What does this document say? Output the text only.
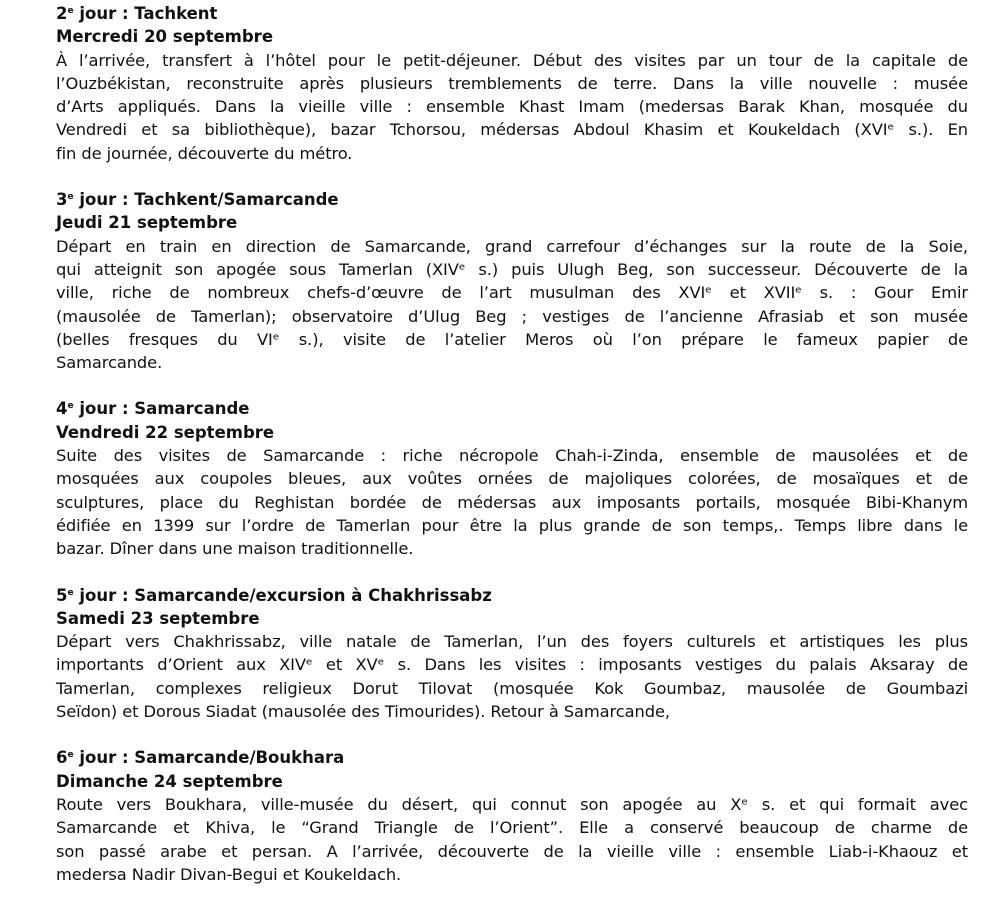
2e jour : Tachkent
Mercredi 20 septembre
À l’arrivée, transfert à l’hôtel pour le petit-déjeuner. Début des visites par un tour de la capitale de
l’Ouzbékistan, reconstruite après plusieurs tremblements de terre. Dans la ville nouvelle : musée
d’Arts appliqués. Dans la vieille ville : ensemble Khast Imam (medersas Barak Khan, mosquée du
Vendredi et sa bibliothèque), bazar Tchorsou, médersas Abdoul Khasim et Koukeldach (XVIᵉ s.). En
fin de journée, découverte du métro.
3e jour : Tachkent/Samarcande
Jeudi 21 septembre
Départ en train en direction de Samarcande, grand carrefour d’échanges sur la route de la Soie,
qui atteignit son apogée sous Tamerlan (XIVᵉ s.) puis Ulugh Beg, son successeur. Découverte de la
ville, riche de nombreux chefs-d’œuvre de l’art musulman des XVIᵉ et XVIIᵉ s. : Gour Emir
(mausolée de Tamerlan); observatoire d’Ulug Beg ; vestiges de l’ancienne Afrasiab et son musée
(belles fresques du VIᵉ s.), visite de l’atelier Meros où l’on prépare le fameux papier de
Samarcande.
4e jour : Samarcande
Vendredi 22 septembre
Suite des visites de Samarcande : riche nécropole Chah-i-Zinda, ensemble de mausolées et de
mosquées aux coupoles bleues, aux voûtes ornées de majoliques colorées, de mosaïques et de
sculptures, place du Reghistan bordée de médersas aux imposants portails, mosquée Bibi-Khanym
édifiée en 1399 sur l’ordre de Tamerlan pour être la plus grande de son temps,. Temps libre dans le
bazar. Dîner dans une maison traditionnelle.
5e jour : Samarcande/excursion à Chakhrissabz
Samedi 23 septembre
Départ vers Chakhrissabz, ville natale de Tamerlan, l’un des foyers culturels et artistiques les plus
importants d’Orient aux XIVᵉ et XVᵉ s. Dans les visites : imposants vestiges du palais Aksaray de
Tamerlan, complexes religieux Dorut Tilovat (mosquée Kok Goumbaz, mausolée de Goumbazi
Seïdon) et Dorous Siadat (mausolée des Timourides). Retour à Samarcande,
6e jour : Samarcande/Boukhara
Dimanche 24 septembre
Route vers Boukhara, ville-musée du désert, qui connut son apogée au Xᵉ s. et qui formait avec
Samarcande et Khiva, le “Grand Triangle de l’Orient”. Elle a conservé beaucoup de charme de
son passé arabe et persan. A l’arrivée, découverte de la vieille ville : ensemble Liab-i-Khaouz et
medersa Nadir Divan-Begui et Koukeldach.
